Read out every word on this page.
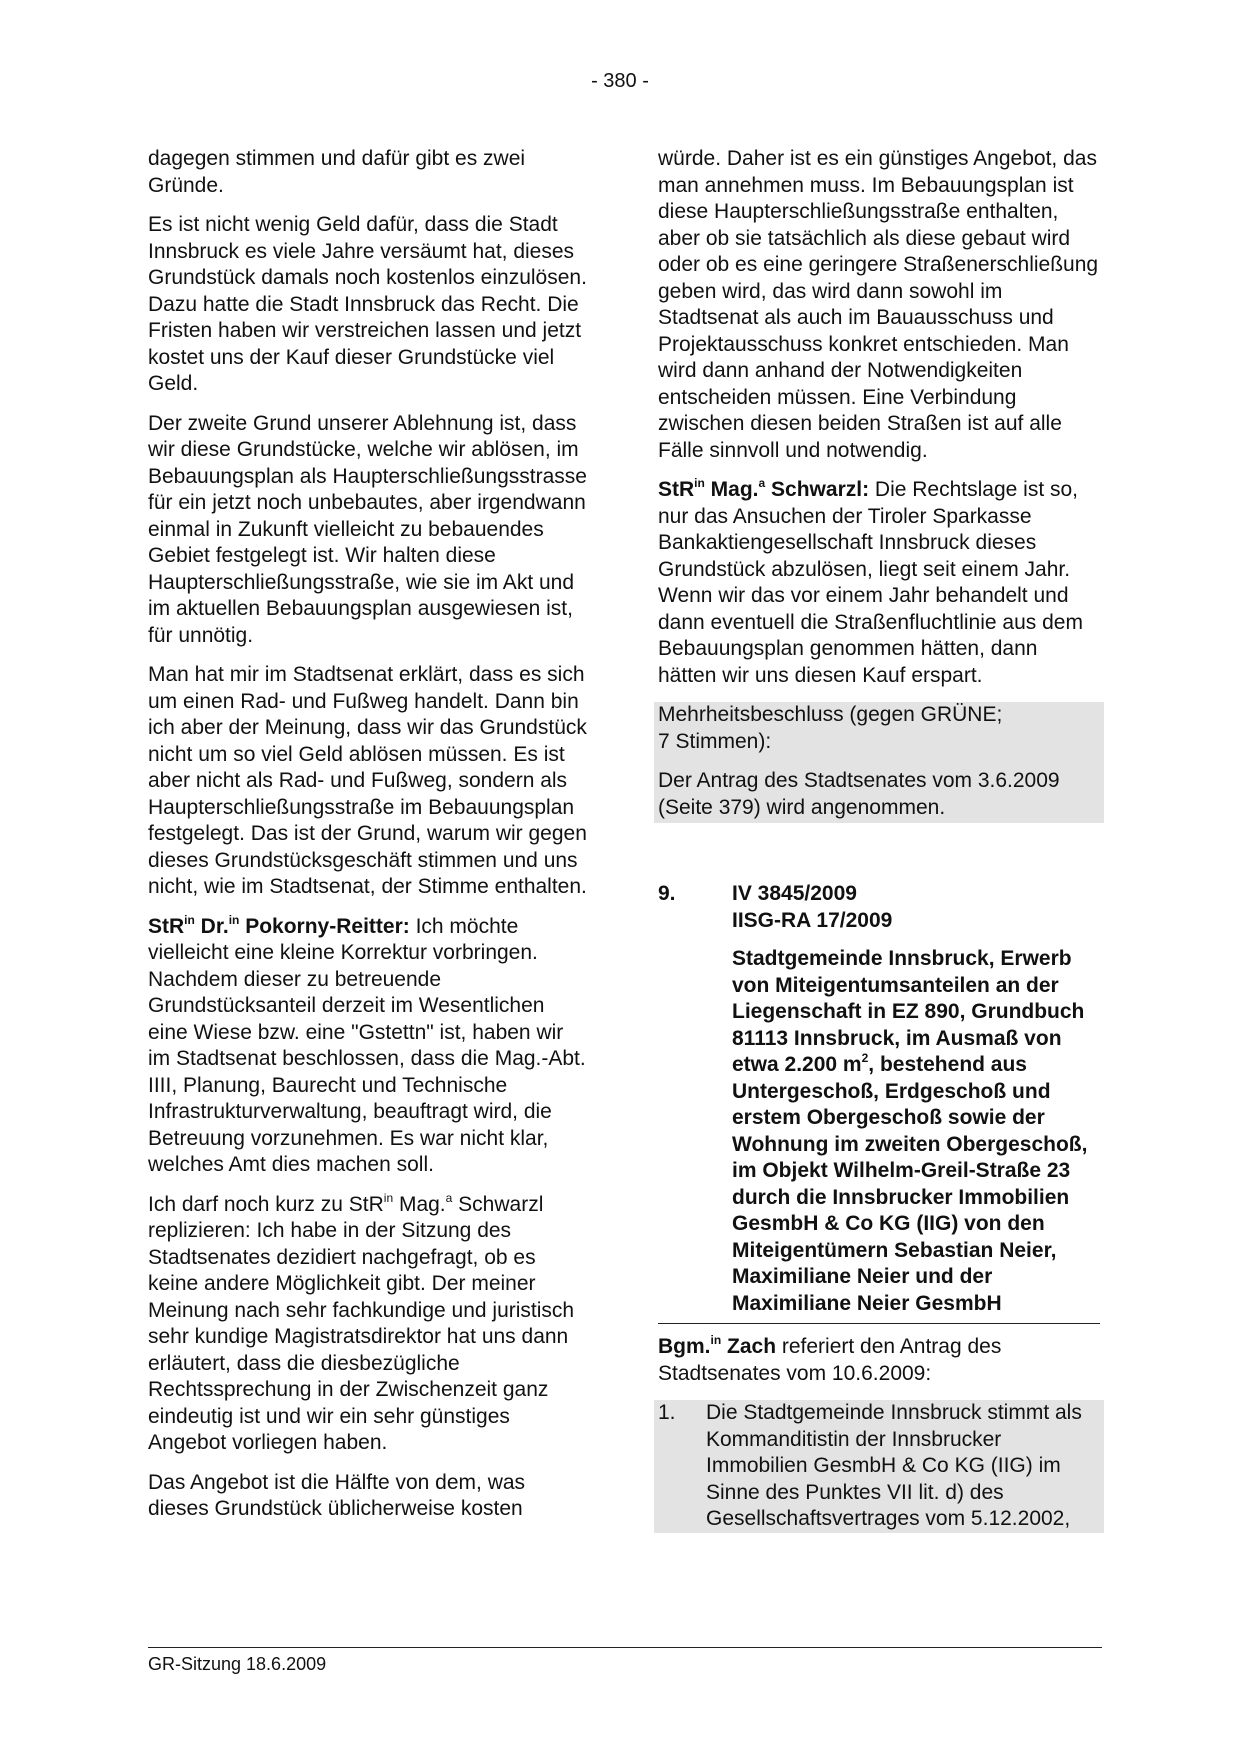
- 380 -

dagegen stimmen und dafür gibt es zwei Gründe.

Es ist nicht wenig Geld dafür, dass die Stadt Innsbruck es viele Jahre versäumt hat, dieses Grundstück damals noch kostenlos einzulösen. Dazu hatte die Stadt Innsbruck das Recht. Die Fristen haben wir verstreichen lassen und jetzt kostet uns der Kauf dieser Grundstücke viel Geld.

Der zweite Grund unserer Ablehnung ist, dass wir diese Grundstücke, welche wir ablösen, im Bebauungsplan als Haupterschließungsstrasse für ein jetzt noch unbebautes, aber irgendwann einmal in Zukunft vielleicht zu bebauendes Gebiet festgelegt ist. Wir halten diese Haupterschließungsstraße, wie sie im Akt und im aktuellen Bebauungsplan ausgewiesen ist, für unnötig.

Man hat mir im Stadtsenat erklärt, dass es sich um einen Rad- und Fußweg handelt. Dann bin ich aber der Meinung, dass wir das Grundstück nicht um so viel Geld ablösen müssen. Es ist aber nicht als Rad- und Fußweg, sondern als Haupterschließungsstraße im Bebauungsplan festgelegt. Das ist der Grund, warum wir gegen dieses Grundstücksgeschäft stimmen und uns nicht, wie im Stadtsenat, der Stimme enthalten.

StR$^{in}$ Dr.$^{in}$ Pokorny-Reitter: Ich möchte vielleicht eine kleine Korrektur vorbringen. Nachdem dieser zu betreuende Grundstücksanteil derzeit im Wesentlichen eine Wiese bzw. eine "Gstettn" ist, haben wir im Stadtsenat beschlossen, dass die Mag.-Abt. IIII, Planung, Baurecht und Technische Infrastrukturverwaltung, beauftragt wird, die Betreuung vorzunehmen. Es war nicht klar, welches Amt dies machen soll.

Ich darf noch kurz zu StR$^{in}$ Mag.$^a$ Schwarzl replizieren: Ich habe in der Sitzung des Stadtsenates dezidiert nachgefragt, ob es keine andere Möglichkeit gibt. Der meiner Meinung nach sehr fachkundige und juristisch sehr kundige Magistratsdirektor hat uns dann erläutert, dass die diesbezügliche Rechtssprechung in der Zwischenzeit ganz eindeutig ist und wir ein sehr günstiges Angebot vorliegen haben.

Das Angebot ist die Hälfte von dem, was dieses Grundstück üblicherweise kosten

würde. Daher ist es ein günstiges Angebot, das man annehmen muss. Im Bebauungsplan ist diese Haupterschließungsstraße enthalten, aber ob sie tatsächlich als diese gebaut wird oder ob es eine geringere Straßenerschließung geben wird, das wird dann sowohl im Stadtsenat als auch im Bauausschuss und Projektausschuss konkret entschieden. Man wird dann anhand der Notwendigkeiten entscheiden müssen. Eine Verbindung zwischen diesen beiden Straßen ist auf alle Fälle sinnvoll und notwendig.

StR$^{in}$ Mag.$^a$ Schwarzl: Die Rechtslage ist so, nur das Ansuchen der Tiroler Sparkasse Bankaktiengesellschaft Innsbruck dieses Grundstück abzulösen, liegt seit einem Jahr. Wenn wir das vor einem Jahr behandelt und dann eventuell die Straßenfluchtlinie aus dem Bebauungsplan genommen hätten, dann hätten wir uns diesen Kauf erspart.

Mehrheitsbeschluss (gegen GRÜNE;
7 Stimmen):

Der Antrag des Stadtsenates vom 3.6.2009 (Seite 379) wird angenommen.

9.	IV 3845/2009
IISG-RA 17/2009
Stadtgemeinde Innsbruck, Erwerb von Miteigentumsanteilen an der Liegenschaft in EZ 890, Grundbuch 81113 Innsbruck, im Ausmaß von etwa 2.200 $m^2$, bestehend aus Untergeschoß, Erdgeschoß und erstem Obergeschoß sowie der Wohnung im zweiten Obergeschoß, im Objekt Wilhelm-Greil-Straße 23 durch die Innsbrucker Immobilien GesmbH & Co KG (IIG) von den Miteigentümern Sebastian Neier, Maximiliane Neier und der Maximiliane Neier GesmbH

Bgm.$^{in}$ Zach referiert den Antrag des Stadtsenates vom 10.6.2009:

1.	Die Stadtgemeinde Innsbruck stimmt als Kommanditistin der Innsbrucker Immobilien GesmbH & Co KG (IIG) im Sinne des Punktes VII lit. d) des Gesellschaftsvertrages vom 5.12.2002,
GR-Sitzung 18.6.2009
